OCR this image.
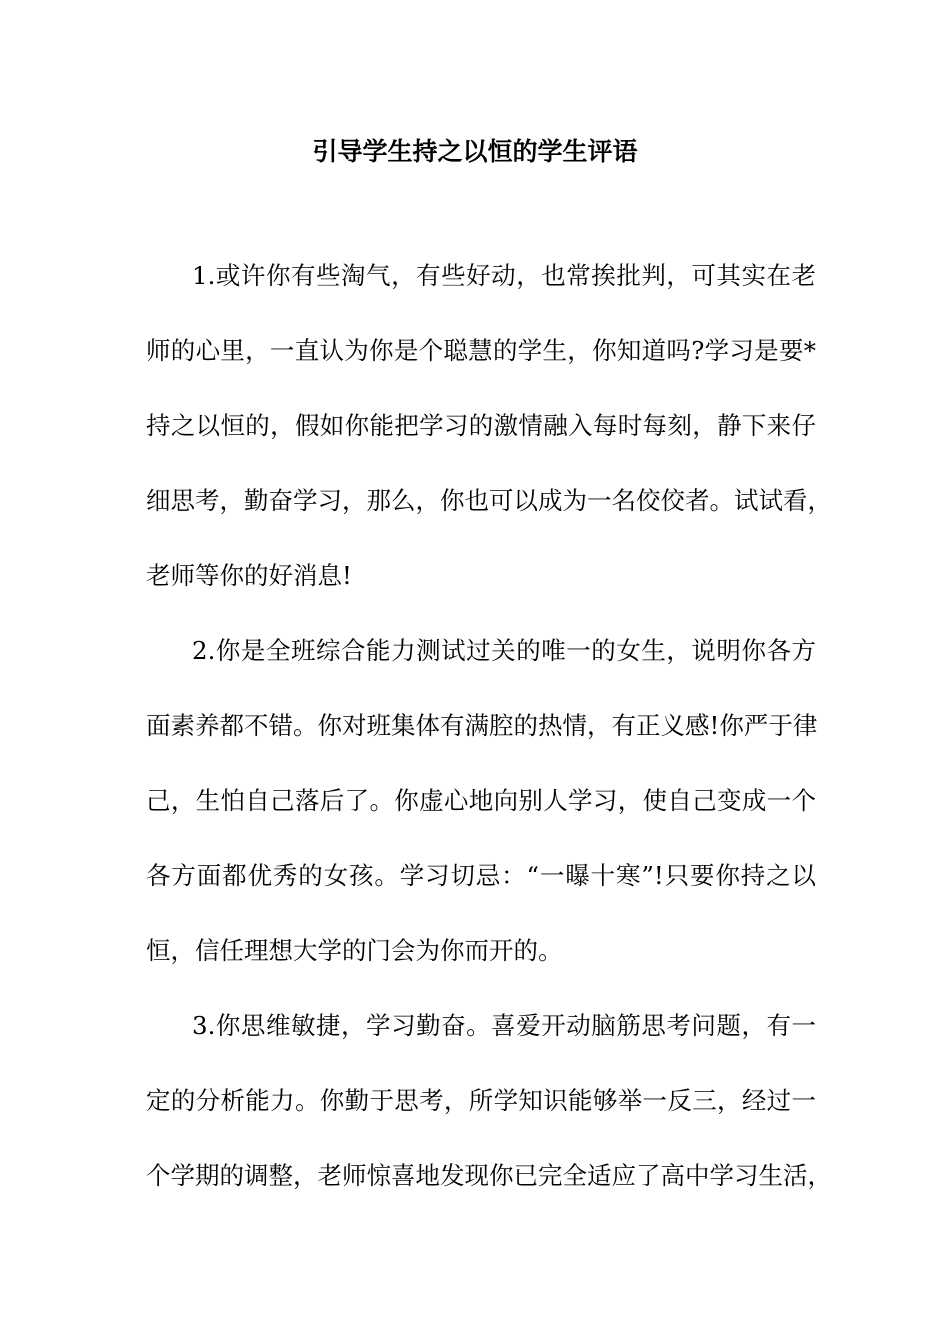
引导学生持之以恒的学生评语
1.或许你有些淘气，有些好动，也常挨批判，可其实在老
师的心里，一直认为你是个聪慧的学生，你知道吗?学习是要*
持之以恒的，假如你能把学习的激情融入每时每刻，静下来仔
细思考，勤奋学习，那么，你也可以成为一名佼佼者。试试看，
老师等你的好消息!
2.你是全班综合能力测试过关的唯一的女生，说明你各方
面素养都不错。你对班集体有满腔的热情，有正义感!你严于律
己，生怕自己落后了。你虚心地向别人学习，使自己变成一个
各方面都优秀的女孩。学习切忌：“一曝十寒”!只要你持之以
恒，信任理想大学的门会为你而开的。
3.你思维敏捷，学习勤奋。喜爱开动脑筋思考问题，有一
定的分析能力。你勤于思考，所学知识能够举一反三，经过一
个学期的调整，老师惊喜地发现你已完全适应了高中学习生活，
